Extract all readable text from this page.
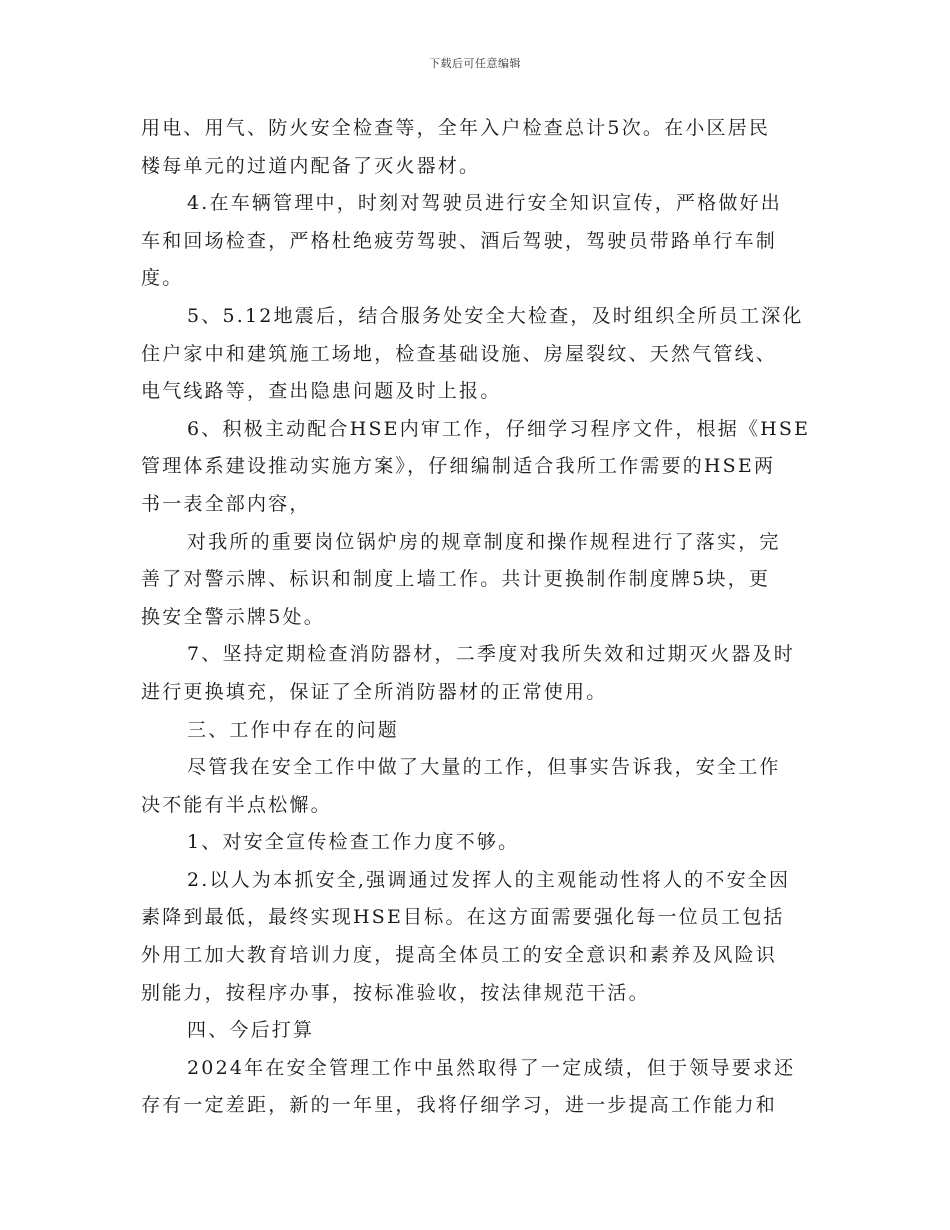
下载后可任意编辑
用电、用气、防火安全检查等，全年入户检查总计5次。在小区居民
楼每单元的过道内配备了灭火器材。
4.在车辆管理中，时刻对驾驶员进行安全知识宣传，严格做好出
车和回场检查，严格杜绝疲劳驾驶、酒后驾驶，驾驶员带路单行车制
度。
5、5.12地震后，结合服务处安全大检查，及时组织全所员工深化
住户家中和建筑施工场地，检查基础设施、房屋裂纹、天然气管线、
电气线路等，查出隐患问题及时上报。
6、积极主动配合HSE内审工作，仔细学习程序文件，根据《HSE
管理体系建设推动实施方案》，仔细编制适合我所工作需要的HSE两
书一表全部内容，
对我所的重要岗位锅炉房的规章制度和操作规程进行了落实，完
善了对警示牌、标识和制度上墙工作。共计更换制作制度牌5块，更
换安全警示牌5处。
7、坚持定期检查消防器材，二季度对我所失效和过期灭火器及时
进行更换填充，保证了全所消防器材的正常使用。
三、工作中存在的问题
尽管我在安全工作中做了大量的工作，但事实告诉我，安全工作
决不能有半点松懈。
1、对安全宣传检查工作力度不够。
2.以人为本抓安全,强调通过发挥人的主观能动性将人的不安全因
素降到最低，最终实现HSE目标。在这方面需要强化每一位员工包括
外用工加大教育培训力度，提高全体员工的安全意识和素养及风险识
别能力，按程序办事，按标准验收，按法律规范干活。
四、今后打算
2024年在安全管理工作中虽然取得了一定成绩，但于领导要求还
存有一定差距，新的一年里，我将仔细学习，进一步提高工作能力和
